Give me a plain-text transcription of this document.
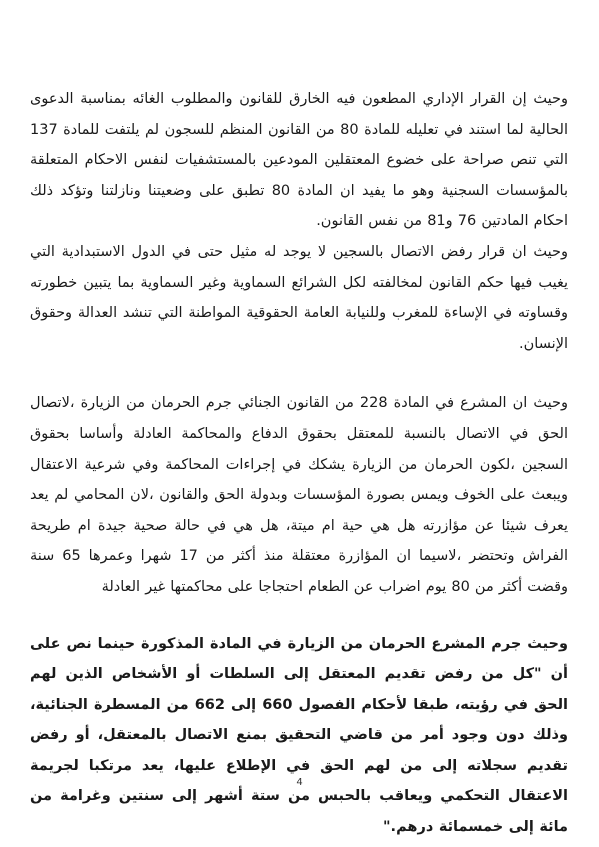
وحيث إن القرار الإداري المطعون فيه الخارق للقانون والمطلوب الغائه بمناسبة الدعوى الحالية لما استند في تعليله للمادة 80 من القانون المنظم للسجون لم يلتفت للمادة 137 التي تنص صراحة على خضوع المعتقلين المودعين بالمستشفيات لنفس الاحكام المتعلقة بالمؤسسات السجنية وهو ما يفيد ان المادة 80 تطبق على وضعيتنا ونازلتنا وتؤكد ذلك احكام المادتين 76 و81 من نفس القانون.

وحيث ان قرار رفض الاتصال بالسجين لا يوجد له مثيل حتى في الدول الاستبدادية التي يغيب فيها حكم القانون لمخالفته لكل الشرائع السماوية وغير السماوية بما يتبين خطورته وقساوته في الإساءة للمغرب وللنيابة العامة الحقوقية المواطنة التي تنشد العدالة وحقوق الإنسان.

وحيث ان المشرع في المادة 228 من القانون الجنائي جرم الحرمان من الزيارة ،لاتصال الحق في الاتصال بالنسبة للمعتقل بحقوق الدفاع والمحاكمة العادلة وأساسا بحقوق السجين ،لكون الحرمان من الزيارة يشكك في إجراءات المحاكمة وفي شرعية الاعتقال ويبعث على الخوف ويمس بصورة المؤسسات وبدولة الحق والقانون ،لان المحامي لم يعد يعرف شيئا عن مؤازرته هل هي حية ام ميتة، هل هي في حالة صحية جيدة ام طريحة الفراش وتحتضر ،لاسيما ان المؤازرة معتقلة منذ أكثر من 17 شهرا وعمرها 65 سنة وقضت أكثر من 80 يوم اضراب عن الطعام احتجاجا على محاكمتها غير العادلة

وحيث جرم المشرع الحرمان من الزيارة في المادة المذكورة حينما نص على أن "كل من رفض تقديم المعتقل إلى السلطات أو الأشخاص الذين لهم الحق في رؤيته، طبقا لأحكام الفصول 660 إلى 662 من المسطرة الجنائية، وذلك دون وجود أمر من قاضي التحقيق بمنع الاتصال بالمعتقل، أو رفض تقديم سجلاته إلى من لهم الحق في الإطلاع عليها، يعد مرتكبا لجريمة الاعتقال التحكمي ويعاقب بالحبس من ستة أشهر إلى سنتين وغرامة من مائة إلى خمسمائة درهم."

4
